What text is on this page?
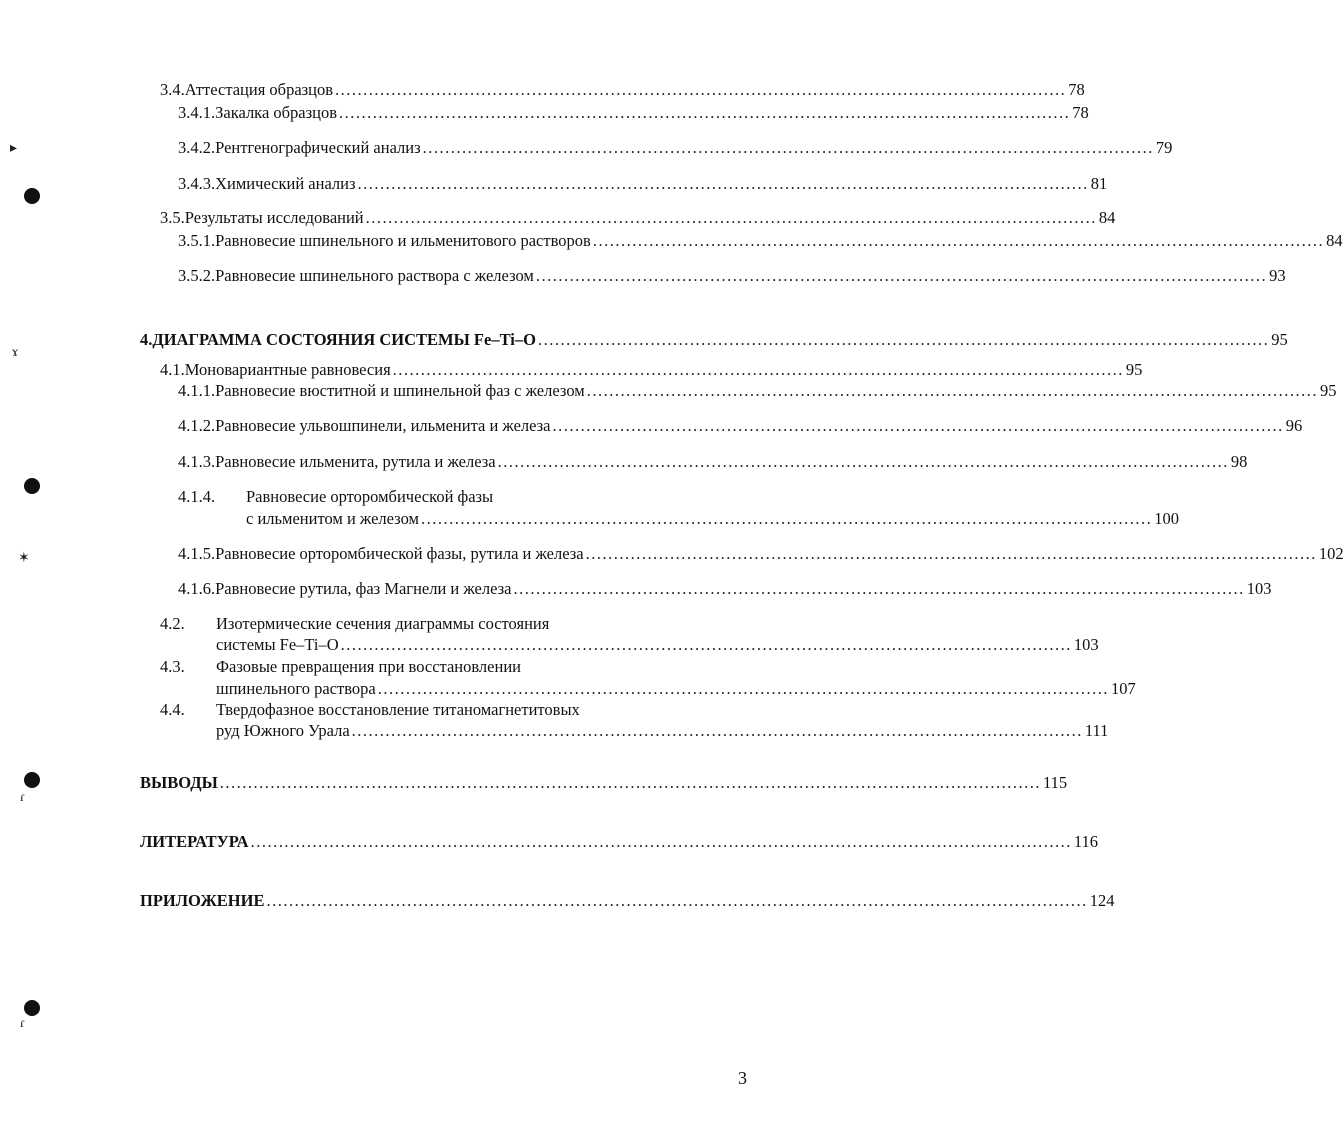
▸
ɤ
✶
ɾ
ɾ
3.4. Аттестация образцов .................................................................................................................................. 78
3.4.1. Закалка образцов .................................................................................................................................. 78
3.4.2. Рентгенографический анализ .................................................................................................................................. 79
3.4.3. Химический анализ .................................................................................................................................. 81
3.5. Результаты исследований .................................................................................................................................. 84
3.5.1. Равновесие шпинельного и ильменитового растворов .................................................................................................................................. 84
3.5.2. Равновесие шпинельного раствора с железом .................................................................................................................................. 93
4. ДИАГРАММА СОСТОЯНИЯ СИСТЕМЫ Fe–Ti–O .................................................................................................................................. 95
4.1. Моновариантные равновесия .................................................................................................................................. 95
4.1.1. Равновесие вюститной и шпинельной фаз с железом .................................................................................................................................. 95
4.1.2. Равновесие ульвошпинели, ильменита и железа .................................................................................................................................. 96
4.1.3. Равновесие ильменита, рутила и железа .................................................................................................................................. 98
4.1.4. Равновесие орторомбической фазы
с ильменитом и железом .................................................................................................................................. 100
4.1.5. Равновесие орторомбической фазы, рутила и железа .................................................................................................................................. 102
4.1.6. Равновесие рутила, фаз Магнели и железа .................................................................................................................................. 103
4.2. Изотермические сечения диаграммы состояния
системы Fe–Ti–O .................................................................................................................................. 103
4.3. Фазовые превращения при восстановлении
шпинельного раствора .................................................................................................................................. 107
4.4. Твердофазное восстановление титаномагнетитовых
руд Южного Урала .................................................................................................................................. 111
ВЫВОДЫ .................................................................................................................................................. 115
ЛИТЕРАТУРА .................................................................................................................................................. 116
ПРИЛОЖЕНИЕ .................................................................................................................................................. 124
3
